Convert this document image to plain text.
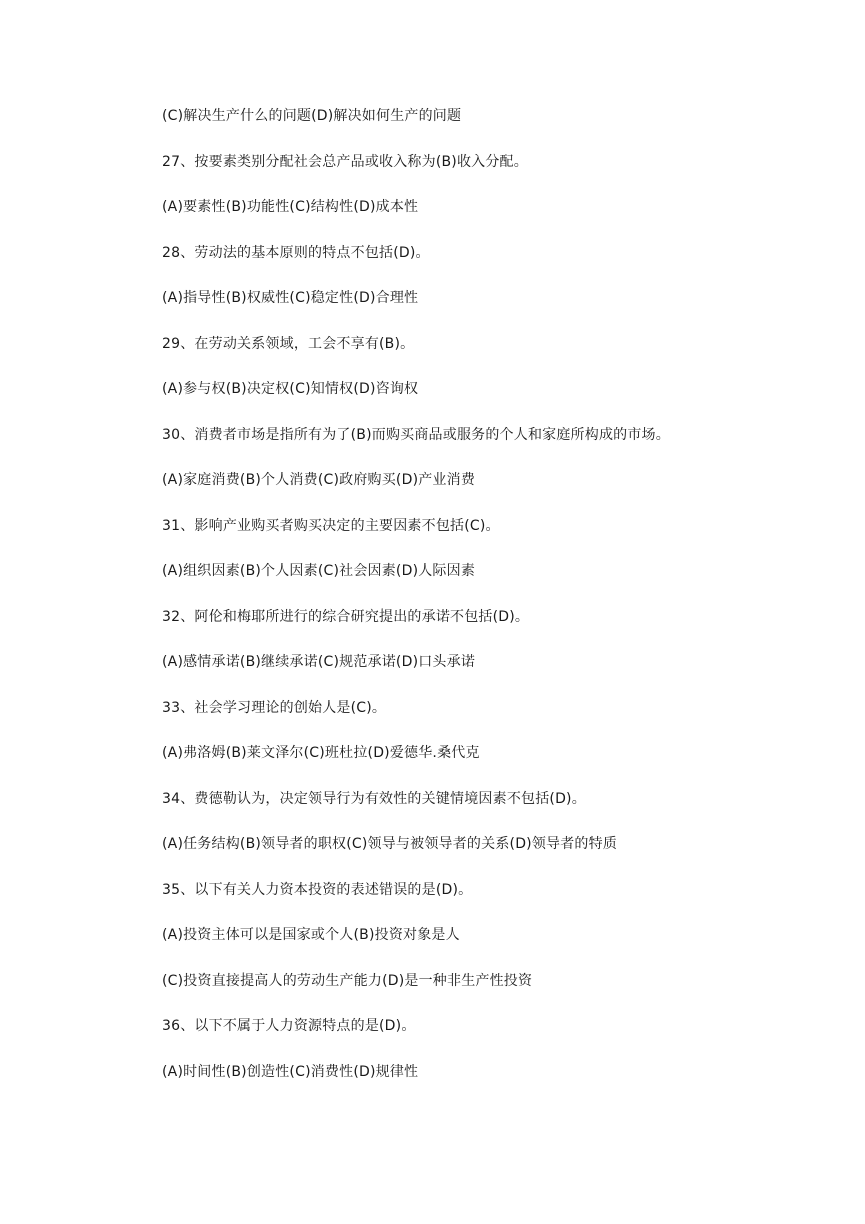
(C)解决生产什么的问题(D)解决如何生产的问题
27、按要素类别分配社会总产品或收入称为(B)收入分配。
(A)要素性(B)功能性(C)结构性(D)成本性
28、劳动法的基本原则的特点不包括(D)。
(A)指导性(B)权威性(C)稳定性(D)合理性
29、在劳动关系领域，工会不享有(B)。
(A)参与权(B)决定权(C)知情权(D)咨询权
30、消费者市场是指所有为了(B)而购买商品或服务的个人和家庭所构成的市场。
(A)家庭消费(B)个人消费(C)政府购买(D)产业消费
31、影响产业购买者购买决定的主要因素不包括(C)。
(A)组织因素(B)个人因素(C)社会因素(D)人际因素
32、阿伦和梅耶所进行的综合研究提出的承诺不包括(D)。
(A)感情承诺(B)继续承诺(C)规范承诺(D)口头承诺
33、社会学习理论的创始人是(C)。
(A)弗洛姆(B)莱文泽尔(C)班杜拉(D)爱德华.桑代克
34、费德勒认为，决定领导行为有效性的关键情境因素不包括(D)。
(A)任务结构(B)领导者的职权(C)领导与被领导者的关系(D)领导者的特质
35、以下有关人力资本投资的表述错误的是(D)。
(A)投资主体可以是国家或个人(B)投资对象是人
(C)投资直接提高人的劳动生产能力(D)是一种非生产性投资
36、以下不属于人力资源特点的是(D)。
(A)时间性(B)创造性(C)消费性(D)规律性
